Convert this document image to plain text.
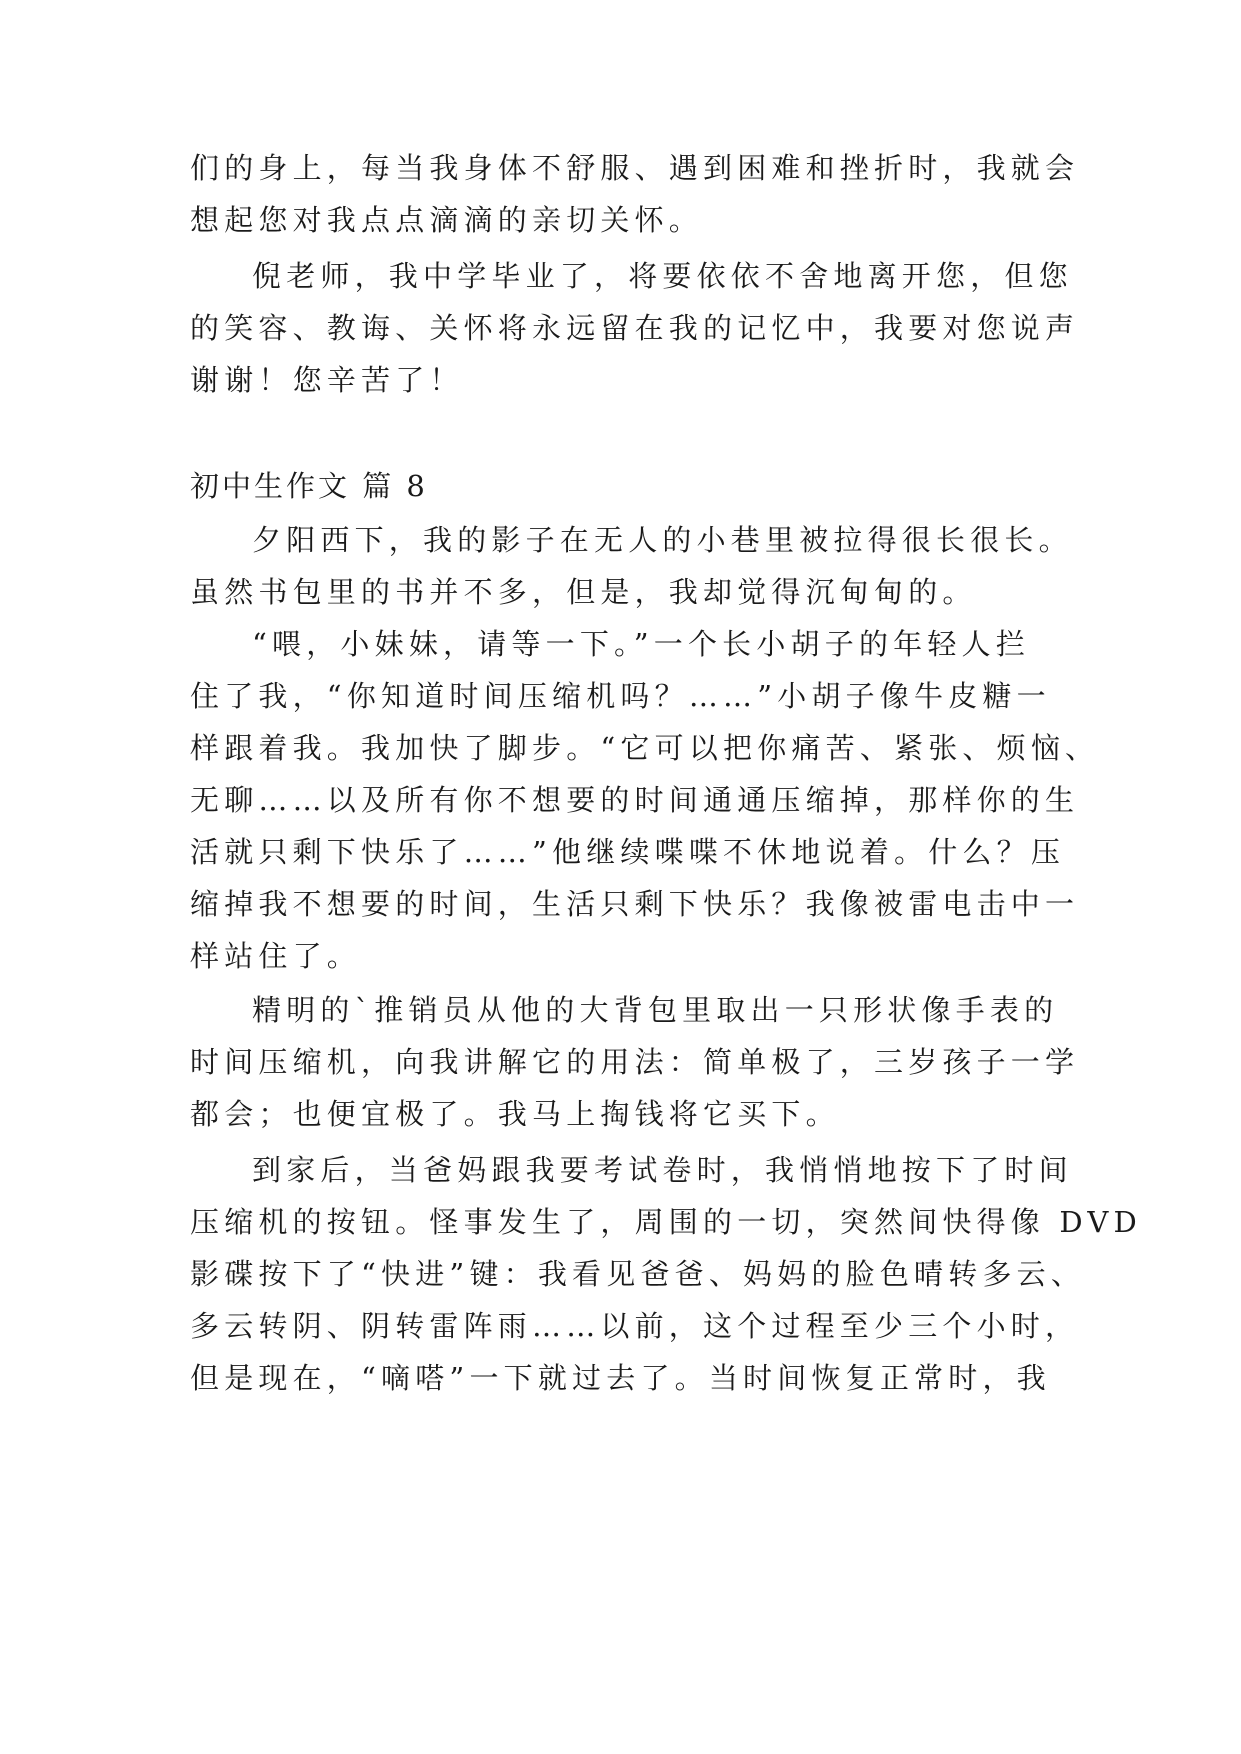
们的身上，每当我身体不舒服、遇到困难和挫折时，我就会
想起您对我点点滴滴的亲切关怀。
倪老师，我中学毕业了，将要依依不舍地离开您，但您
的笑容、教诲、关怀将永远留在我的记忆中，我要对您说声
谢谢！您辛苦了！
初中生作文 篇 8
夕阳西下，我的影子在无人的小巷里被拉得很长很长。
虽然书包里的书并不多，但是，我却觉得沉甸甸的。
“喂，小妹妹，请等一下。”一个长小胡子的年轻人拦
住了我，“你知道时间压缩机吗？……”小胡子像牛皮糖一
样跟着我。我加快了脚步。“它可以把你痛苦、紧张、烦恼、
无聊……以及所有你不想要的时间通通压缩掉，那样你的生
活就只剩下快乐了……”他继续喋喋不休地说着。什么？压
缩掉我不想要的时间，生活只剩下快乐？我像被雷电击中一
样站住了。
精明的`推销员从他的大背包里取出一只形状像手表的
时间压缩机，向我讲解它的用法：简单极了，三岁孩子一学
都会；也便宜极了。我马上掏钱将它买下。
到家后，当爸妈跟我要考试卷时，我悄悄地按下了时间
压缩机的按钮。怪事发生了，周围的一切，突然间快得像 DVD
影碟按下了“快进”键：我看见爸爸、妈妈的脸色晴转多云、
多云转阴、阴转雷阵雨……以前，这个过程至少三个小时，
但是现在，“嘀嗒”一下就过去了。当时间恢复正常时，我
